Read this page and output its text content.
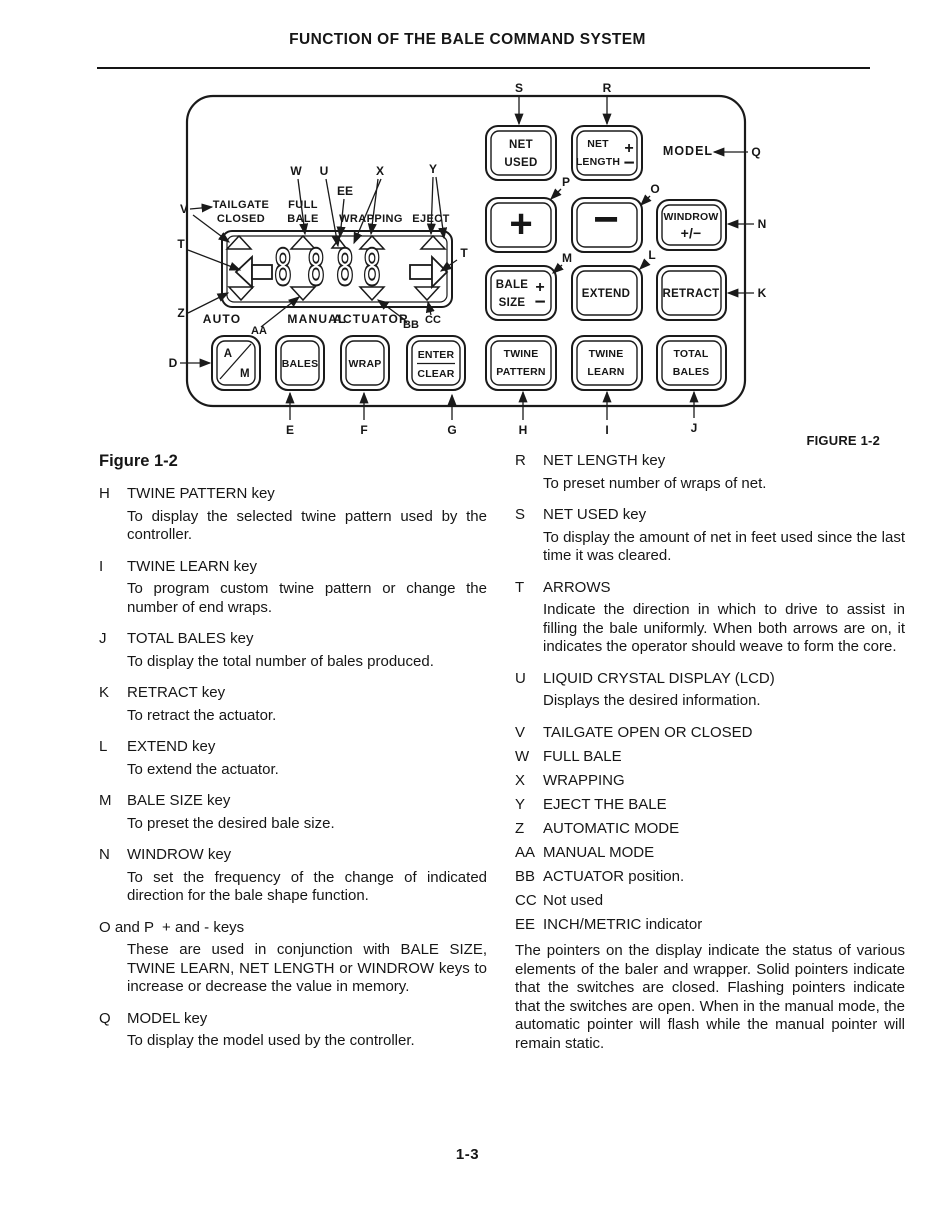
FUNCTION OF THE BALE COMMAND SYSTEM
8 8 8 8
TAILGATE
CLOSED
FULL
BALE WRAPPING EJECT
AUTO	MANUAL
ACTUATOR
NET
USED
NET
LENGTH
+
−
MODEL
+ −	WINDROW
+/−
BALE
SIZE
+
−	EXTEND	RETRACT
A
M
BALES	WRAP
ENTER
CLEAR
TWINE
PATTERN
TWINE
LEARN
TOTAL
BALES
S	R
Q
P	O
N
M	L
K
D
E	F	G	H	I	J
V
T
Z
W U
EE
X	Y
AA	BB CC
T
FIGURE 1-2
Figure 1-2
H TWINE PATTERN key

To display the selected twine pattern used by the controller.

I TWINE LEARN key

To program custom twine pattern or change the number of end wraps.

J TOTAL BALES key

To display the total number of bales produced.

K RETRACT key

To retract the actuator.

L EXTEND key

To extend the actuator.

M BALE SIZE key

To preset the desired bale size.

N WINDROW key

To set the frequency of the change of indicated direction for the bale shape function.

O and P + and - keys

These are used in conjunction with BALE SIZE, TWINE LEARN, NET LENGTH or WINDROW keys to increase or decrease the value in memory.

Q MODEL key

To display the model used by the controller.

R NET LENGTH key

To preset number of wraps of net.

S NET USED key

To display the amount of net in feet used since the last time it was cleared.

T ARROWS

Indicate the direction in which to drive to assist in filling the bale uniformly. When both arrows are on, it indicates the operator should weave to form the core.

U LIQUID CRYSTAL DISPLAY (LCD)

Displays the desired information.

V TAILGATE OPEN OR CLOSED
W FULL BALE
X WRAPPING
Y EJECT THE BALE
Z AUTOMATIC MODE
AA MANUAL MODE
BB ACTUATOR position.
CC Not used
EE INCH/METRIC indicator

The pointers on the display indicate the status of various elements of the baler and wrapper. Solid pointers indicate that the switches are closed. Flashing pointers indicate that the switches are open. When in the manual mode, the automatic pointer will flash while the manual pointer will remain static.

1-3
